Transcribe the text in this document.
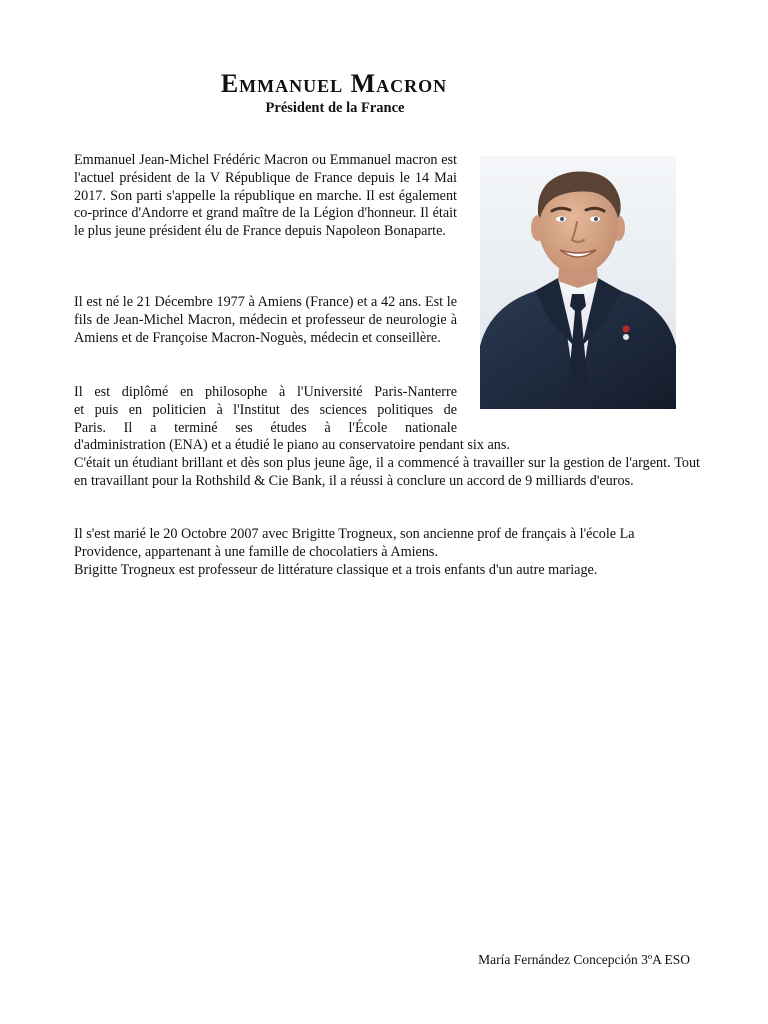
Emmanuel Macron
Président de la France

Emmanuel Jean-Michel Frédéric Macron ou Emmanuel macron est l'actuel président de la V République de France depuis le 14 Mai 2017. Son parti s'appelle la république en marche. Il est également co-prince d'Andorre et grand maître de la Légion d'honneur. Il était le plus jeune président élu de France depuis Napoleon Bonaparte.

Il est né le 21 Décembre 1977 à Amiens (France) et a 42 ans. Est le fils de Jean-Michel Macron, médecin et professeur de neurologie à Amiens et de Françoise Macron-Noguès, médecin et conseillère.

Il est diplômé en philosophe à l'Université Paris-Nanterre
et puis en politicien à l'Institut des sciences politiques de
Paris. Il a terminé ses études à l'École nationale
d'administration (ENA) et a étudié le piano au conservatoire pendant six ans.
C'était un étudiant brillant et dès son plus jeune âge, il a commencé à travailler sur la gestion de l'argent. Tout en travaillant pour la Rothshild & Cie Bank, il a réussi à conclure un accord de 9 milliards d'euros.

Il s'est marié le 20 Octobre 2007 avec Brigitte Trogneux, son ancienne prof de français à l'école La Providence, appartenant à une famille de chocolatiers à Amiens.

Brigitte Trogneux est professeur de littérature classique et a trois enfants d'un autre mariage.

María Fernández Concepción 3ºA ESO
